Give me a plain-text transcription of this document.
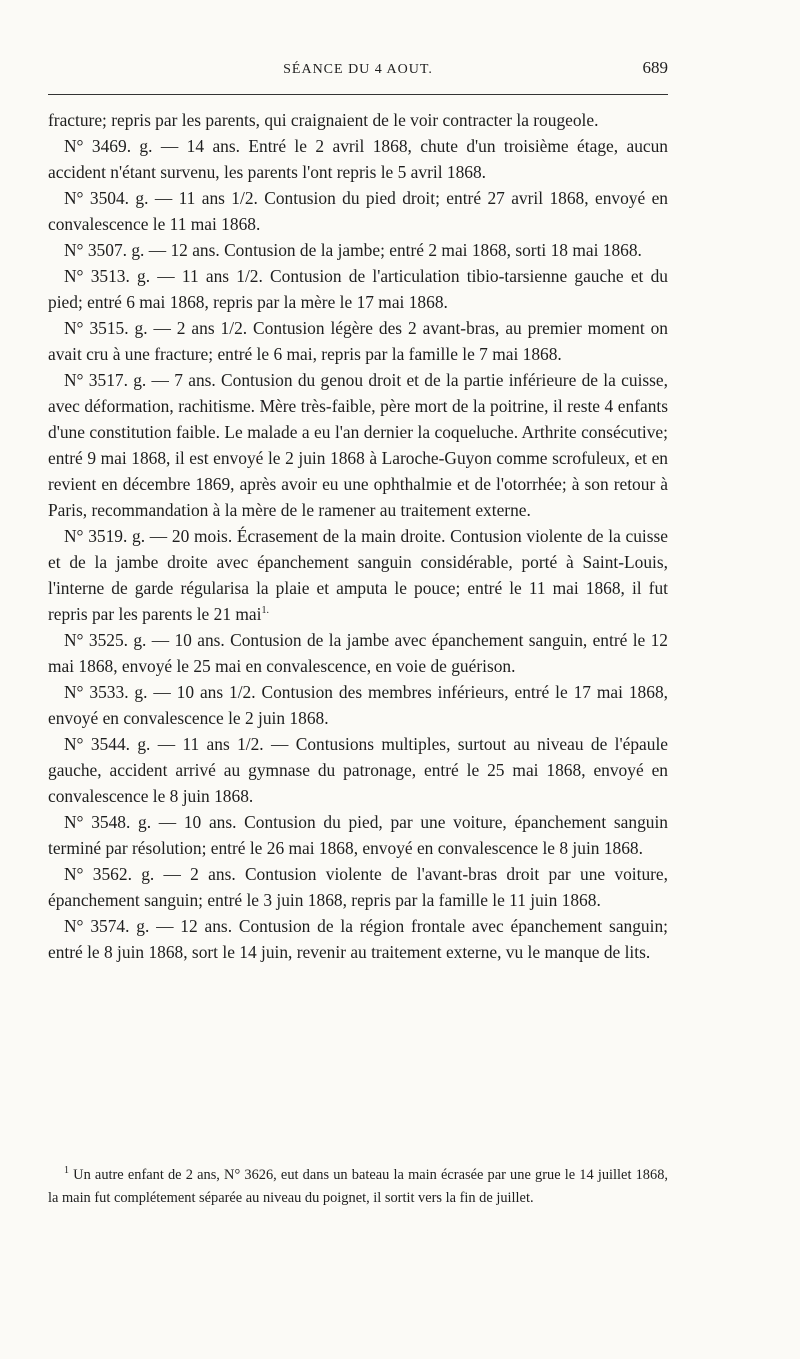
SÉANCE DU 4 AOUT.	689

fracture; repris par les parents, qui craignaient de le voir contracter la rougeole.

N° 3469. g. — 14 ans. Entré le 2 avril 1868, chute d'un troisième étage, aucun accident n'étant survenu, les parents l'ont repris le 5 avril 1868.

N° 3504. g. — 11 ans 1/2. Contusion du pied droit; entré 27 avril 1868, envoyé en convalescence le 11 mai 1868.

N° 3507. g. — 12 ans. Contusion de la jambe; entré 2 mai 1868, sorti 18 mai 1868.

N° 3513. g. — 11 ans 1/2. Contusion de l'articulation tibio-tarsienne gauche et du pied; entré 6 mai 1868, repris par la mère le 17 mai 1868.

N° 3515. g. — 2 ans 1/2. Contusion légère des 2 avant-bras, au premier moment on avait cru à une fracture; entré le 6 mai, repris par la famille le 7 mai 1868.

N° 3517. g. — 7 ans. Contusion du genou droit et de la partie inférieure de la cuisse, avec déformation, rachitisme. Mère très-faible, père mort de la poitrine, il reste 4 enfants d'une constitution faible. Le malade a eu l'an dernier la coqueluche. Arthrite consécutive; entré 9 mai 1868, il est envoyé le 2 juin 1868 à Laroche-Guyon comme scrofuleux, et en revient en décembre 1869, après avoir eu une ophthalmie et de l'otorrhée; à son retour à Paris, recommandation à la mère de le ramener au traitement externe.

N° 3519. g. — 20 mois. Écrasement de la main droite. Contusion violente de la cuisse et de la jambe droite avec épanchement sanguin considérable, porté à Saint-Louis, l'interne de garde régularisa la plaie et amputa le pouce; entré le 11 mai 1868, il fut repris par les parents le 21 mai$^{1.}$

N° 3525. g. — 10 ans. Contusion de la jambe avec épanchement sanguin, entré le 12 mai 1868, envoyé le 25 mai en convalescence, en voie de guérison.

N° 3533. g. — 10 ans 1/2. Contusion des membres inférieurs, entré le 17 mai 1868, envoyé en convalescence le 2 juin 1868.

N° 3544. g. — 11 ans 1/2. — Contusions multiples, surtout au niveau de l'épaule gauche, accident arrivé au gymnase du patronage, entré le 25 mai 1868, envoyé en convalescence le 8 juin 1868.

N° 3548. g. — 10 ans. Contusion du pied, par une voiture, épanchement sanguin terminé par résolution; entré le 26 mai 1868, envoyé en convalescence le 8 juin 1868.

N° 3562. g. — 2 ans. Contusion violente de l'avant-bras droit par une voiture, épanchement sanguin; entré le 3 juin 1868, repris par la famille le 11 juin 1868.

N° 3574. g. — 12 ans. Contusion de la région frontale avec épanchement sanguin; entré le 8 juin 1868, sort le 14 juin, revenir au traitement externe, vu le manque de lits.

$^1$ Un autre enfant de 2 ans, N° 3626, eut dans un bateau la main écrasée par une grue le 14 juillet 1868, la main fut complétement séparée au niveau du poignet, il sortit vers la fin de juillet.
